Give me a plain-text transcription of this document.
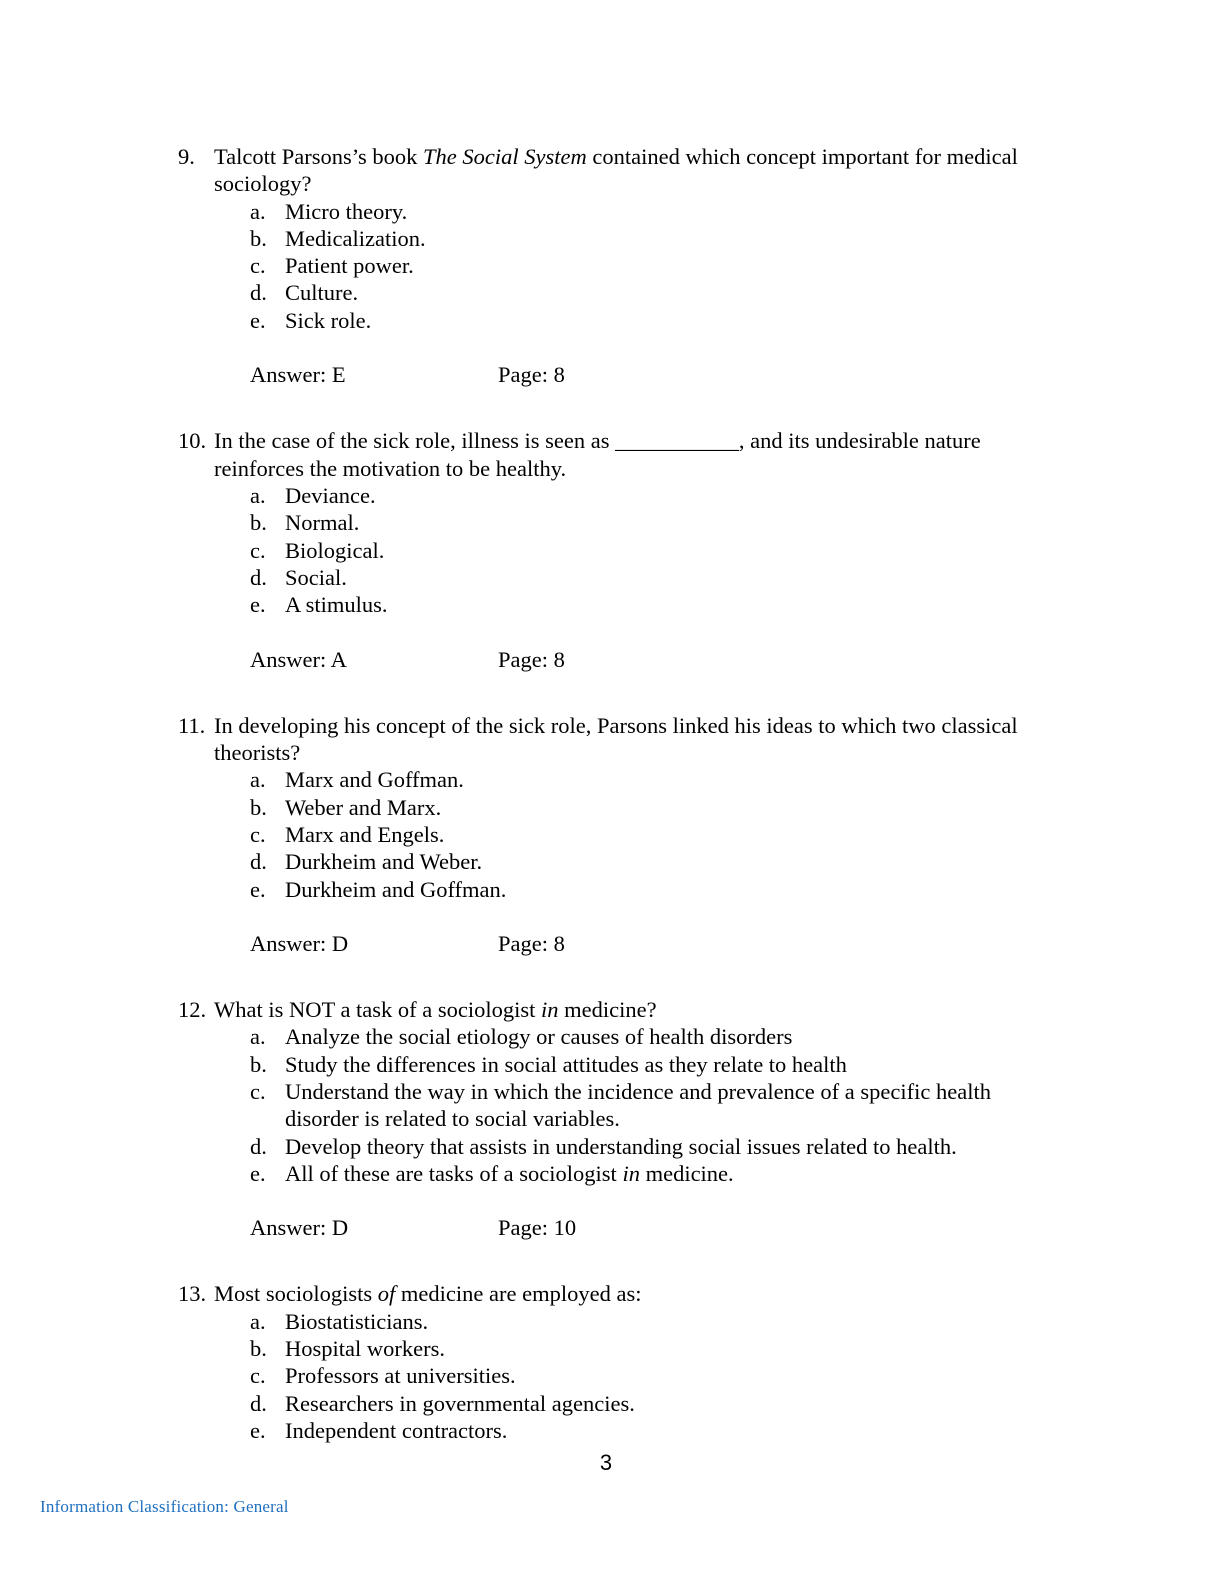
9. Talcott Parsons’s book The Social System contained which concept important for medical
sociology?
a. Micro theory.
b. Medicalization.
c. Patient power.
d. Culture.
e. Sick role.
Answer: E	Page: 8
10. In the case of the sick role, illness is seen as ___________, and its undesirable nature
reinforces the motivation to be healthy.
a. Deviance.
b. Normal.
c. Biological.
d. Social.
e. A stimulus.
Answer: A	Page: 8
11. In developing his concept of the sick role, Parsons linked his ideas to which two classical
theorists?
a. Marx and Goffman.
b. Weber and Marx.
c. Marx and Engels.
d. Durkheim and Weber.
e. Durkheim and Goffman.
Answer: D	Page: 8
12. What is NOT a task of a sociologist in medicine?
a. Analyze the social etiology or causes of health disorders
b. Study the differences in social attitudes as they relate to health
c. Understand the way in which the incidence and prevalence of a specific health
disorder is related to social variables.
d. Develop theory that assists in understanding social issues related to health.
e. All of these are tasks of a sociologist in medicine.
Answer: D	Page: 10
13. Most sociologists of medicine are employed as:
a. Biostatisticians.
b. Hospital workers.
c. Professors at universities.
d. Researchers in governmental agencies.
e. Independent contractors.
3
Information Classification: General
